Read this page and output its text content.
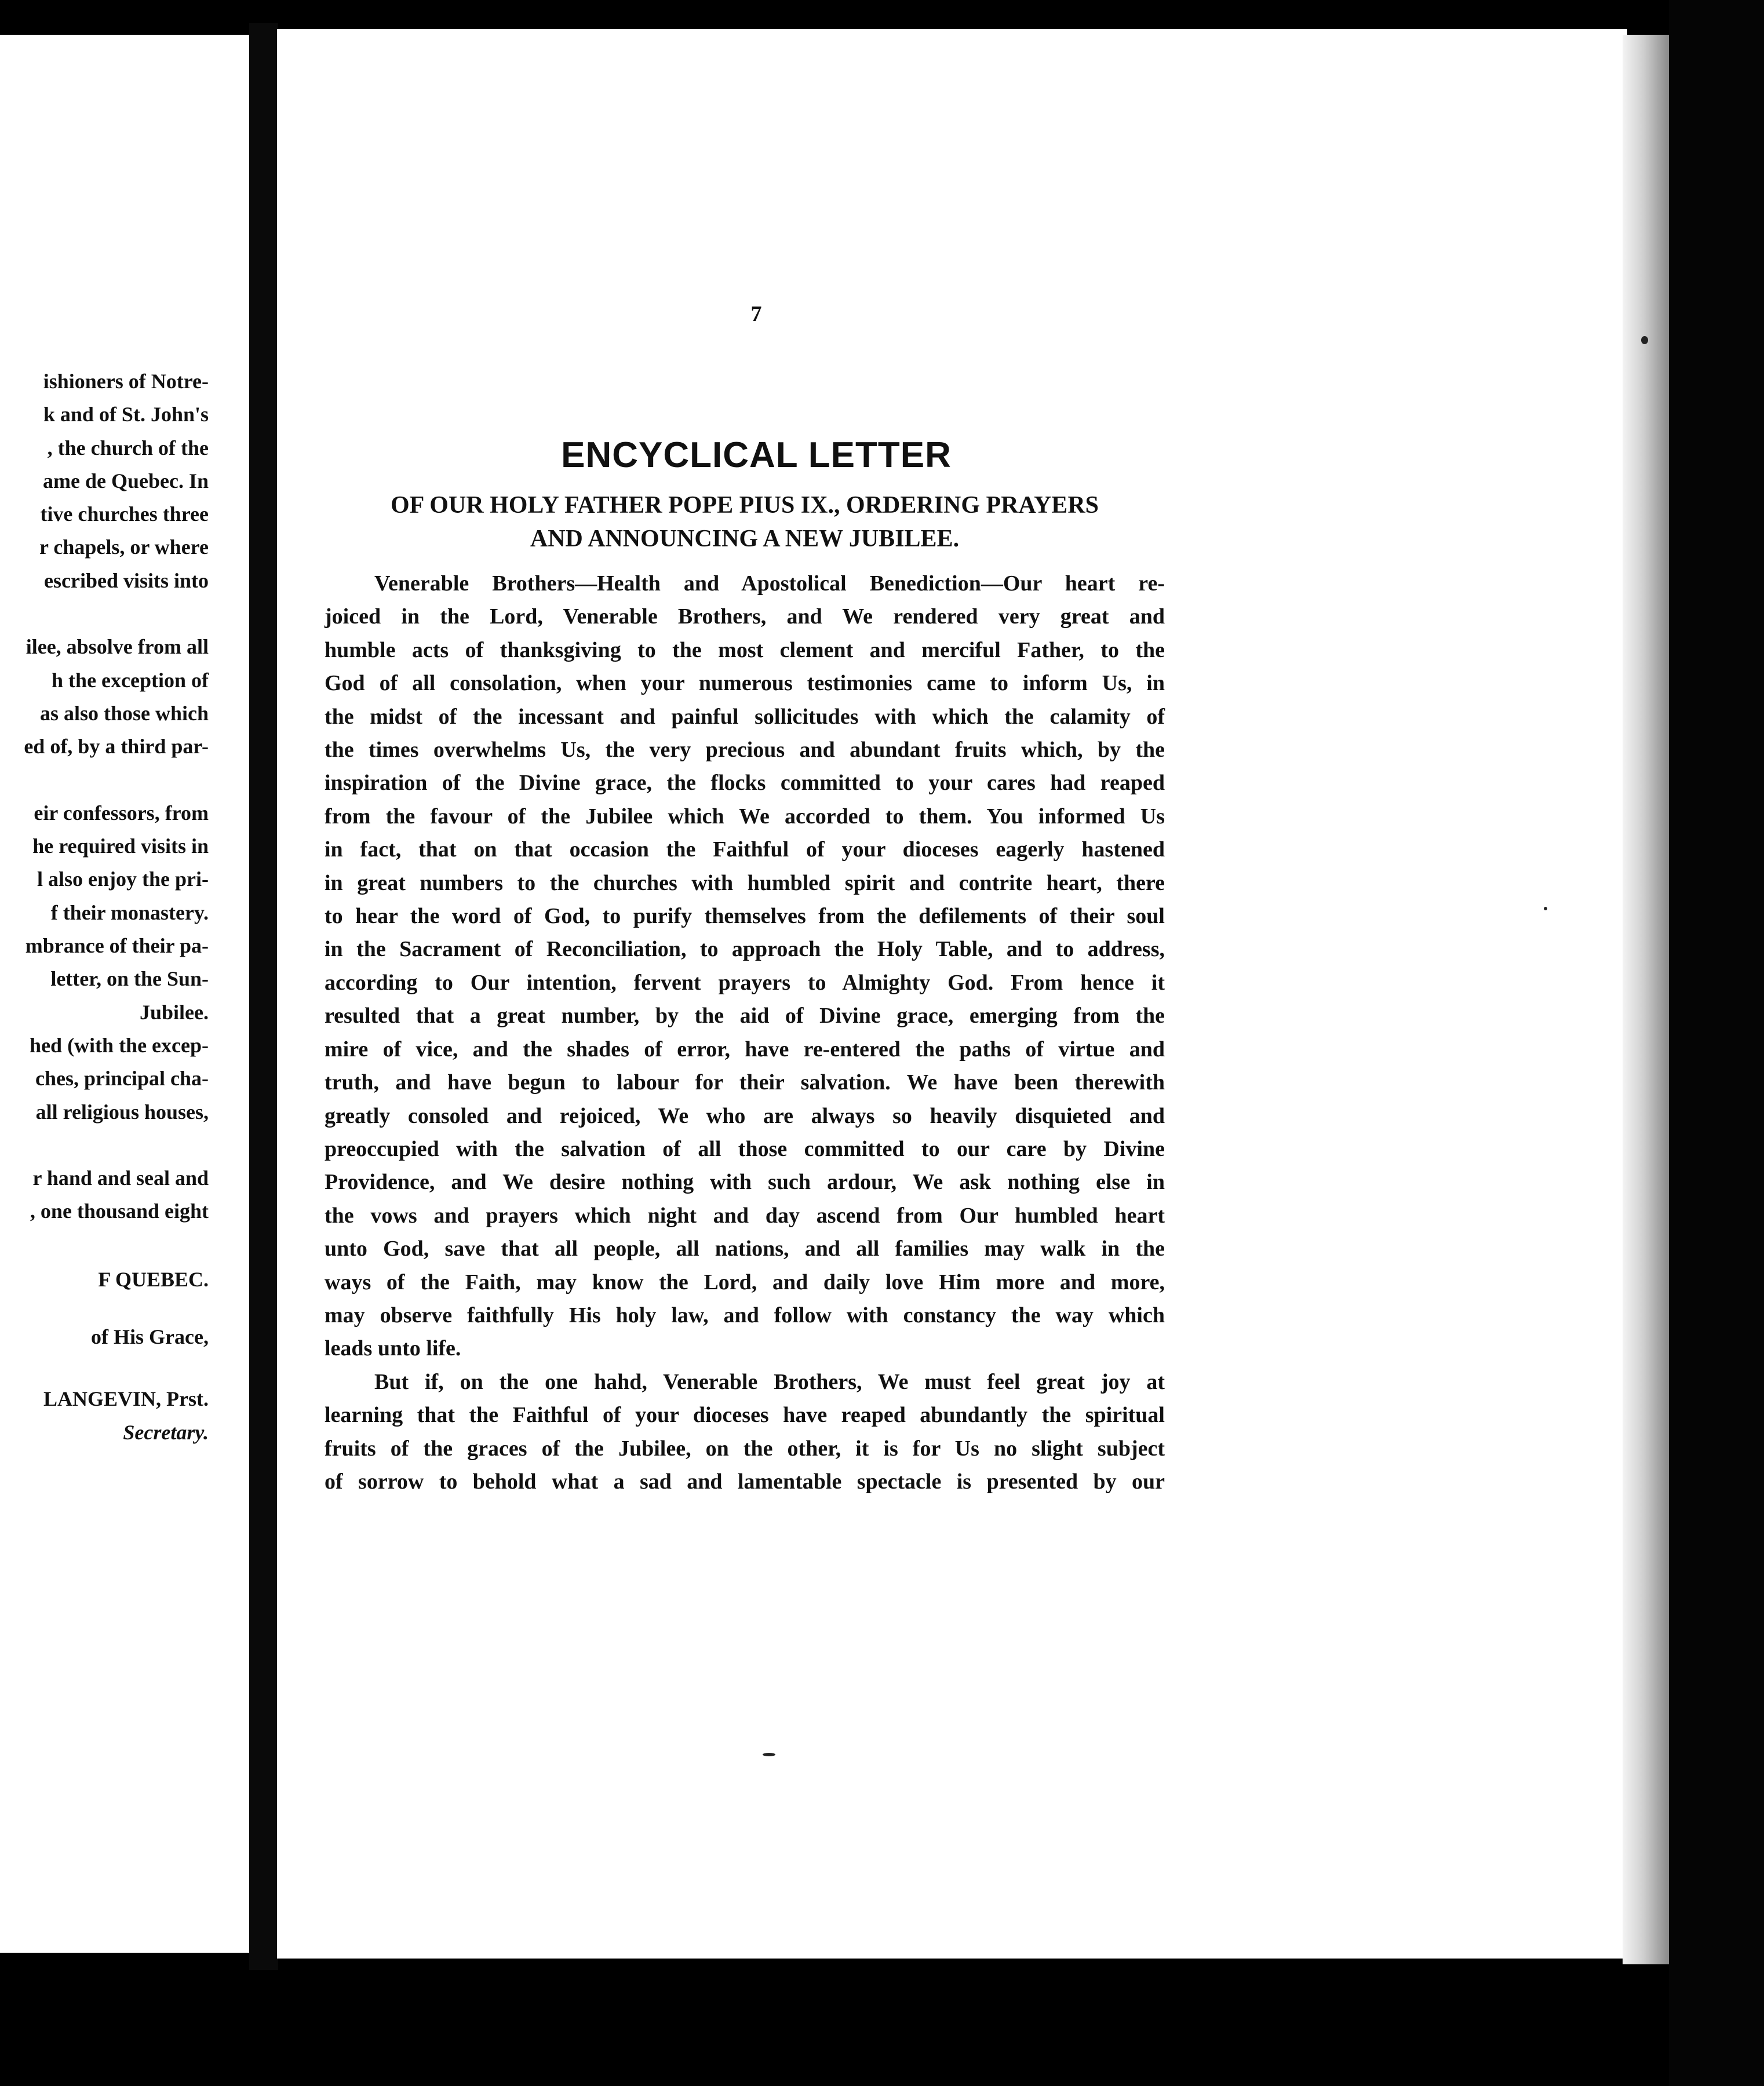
ishioners of Notre-
k and of St. John's
, the church of the
ame de Quebec. In
tive churches three
r chapels, or where
escribed visits into

ilee, absolve from all
h the exception of
as also those which
ed of, by a third par-

eir confessors, from
he required visits in
l also enjoy the pri-
f their monastery.
mbrance of their pa-
letter, on the Sun-
Jubilee.
hed (with the excep-
ches, principal cha-
all religious houses,

r hand and seal and
, one thousand eight
F QUEBEC.
of His Grace,
LANGEVIN, Prst.
Secretary.

7
ENCYCLICAL LETTER
OF OUR HOLY FATHER POPE PIUS IX., ORDERING PRAYERS
AND ANNOUNCING A NEW JUBILEE.

Venerable Brothers—Health and Apostolical Benediction—Our heart re-
joiced in the Lord, Venerable Brothers, and We rendered very great and
humble acts of thanksgiving to the most clement and merciful Father, to the
God of all consolation, when your numerous testimonies came to inform Us, in
the midst of the incessant and painful sollicitudes with which the calamity of
the times overwhelms Us, the very precious and abundant fruits which, by the
inspiration of the Divine grace, the flocks committed to your cares had reaped
from the favour of the Jubilee which We accorded to them. You informed Us
in fact, that on that occasion the Faithful of your dioceses eagerly hastened
in great numbers to the churches with humbled spirit and contrite heart, there
to hear the word of God, to purify themselves from the defilements of their soul
in the Sacrament of Reconciliation, to approach the Holy Table, and to address,
according to Our intention, fervent prayers to Almighty God. From hence it
resulted that a great number, by the aid of Divine grace, emerging from the
mire of vice, and the shades of error, have re-entered the paths of virtue and
truth, and have begun to labour for their salvation. We have been therewith
greatly consoled and rejoiced, We who are always so heavily disquieted and
preoccupied with the salvation of all those committed to our care by Divine
Providence, and We desire nothing with such ardour, We ask nothing else in
the vows and prayers which night and day ascend from Our humbled heart
unto God, save that all people, all nations, and all families may walk in the
ways of the Faith, may know the Lord, and daily love Him more and more,
may observe faithfully His holy law, and follow with constancy the way which
leads unto life.

But if, on the one hahd, Venerable Brothers, We must feel great joy at
learning that the Faithful of your dioceses have reaped abundantly the spiritual
fruits of the graces of the Jubilee, on the other, it is for Us no slight subject
of sorrow to behold what a sad and lamentable spectacle is presented by our
